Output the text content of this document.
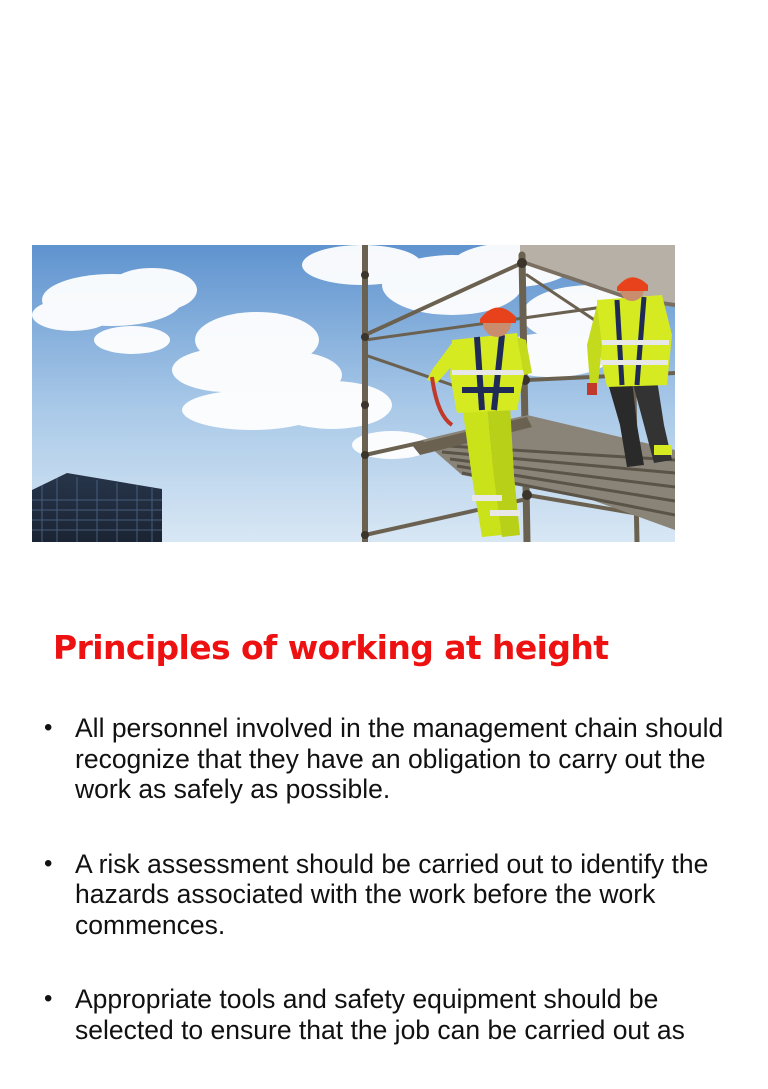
Principles of working at height
• All personnel involved in the management chain should recognize that they have an obligation to carry out the work as safely as possible.
• A risk assessment should be carried out to identify the hazards associated with the work before the work commences.
• Appropriate tools and safety equipment should be selected to ensure that the job can be carried out as
